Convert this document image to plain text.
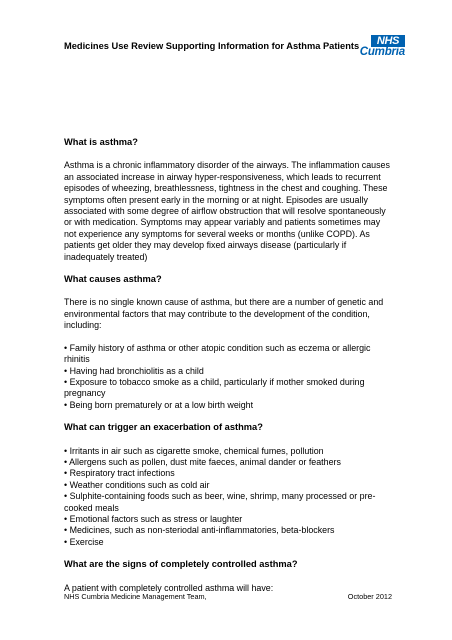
Medicines Use Review Supporting Information for Asthma Patients	NHS
Cumbria
What is asthma?

Asthma is a chronic inflammatory disorder of the airways. The inflammation causes an associated increase in airway hyper-responsiveness, which leads to recurrent episodes of wheezing, breathlessness, tightness in the chest and coughing. These symptoms often present early in the morning or at night. Episodes are usually associated with some degree of airflow obstruction that will resolve spontaneously or with medication. Symptoms may appear variably and patients sometimes may not experience any symptoms for several weeks or months (unlike COPD). As patients get older they may develop fixed airways disease (particularly if inadequately treated)

What causes asthma?

There is no single known cause of asthma, but there are a number of genetic and environmental factors that may contribute to the development of the condition, including:

• Family history of asthma or other atopic condition such as eczema or allergic rhinitis
• Having had bronchiolitis as a child
• Exposure to tobacco smoke as a child, particularly if mother smoked during pregnancy
• Being born prematurely or at a low birth weight
What can trigger an exacerbation of asthma?
• Irritants in air such as cigarette smoke, chemical fumes, pollution
• Allergens such as pollen, dust mite faeces, animal dander or feathers
• Respiratory tract infections
• Weather conditions such as cold air
• Sulphite-containing foods such as beer, wine, shrimp, many processed or pre-cooked meals
• Emotional factors such as stress or laughter
• Medicines, such as non-steriodal anti-inflammatories, beta-blockers
• Exercise
What are the signs of completely controlled asthma?

A patient with completely controlled asthma will have:

NHS Cumbria Medicine Management Team,	October 2012
